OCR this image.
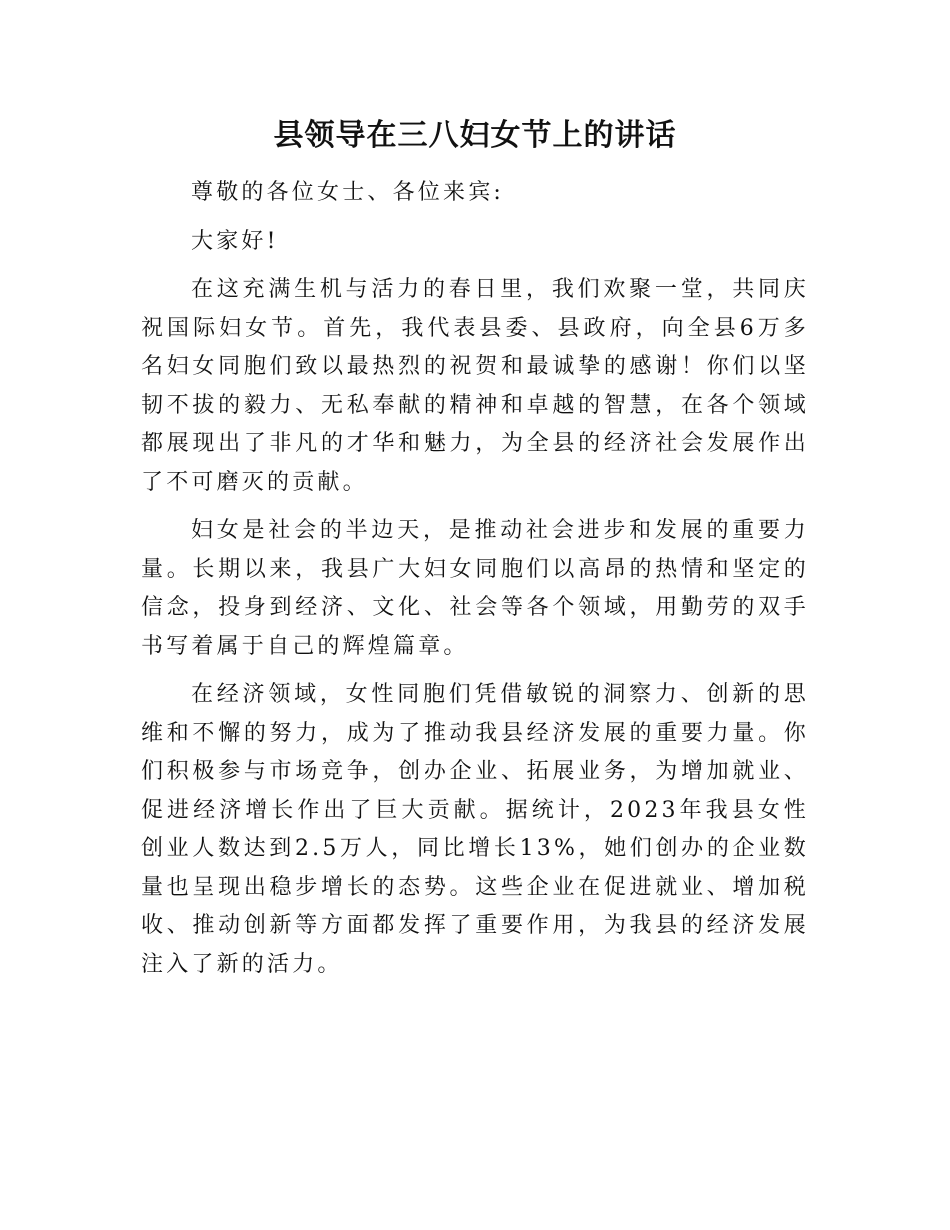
县领导在三八妇女节上的讲话

尊敬的各位女士、各位来宾:

大家好!

在这充满生机与活力的春日里，我们欢聚一堂，共同庆祝国际妇女节。首先，我代表县委、县政府，向全县6万多名妇女同胞们致以最热烈的祝贺和最诚挚的感谢！你们以坚韧不拔的毅力、无私奉献的精神和卓越的智慧，在各个领域都展现出了非凡的才华和魅力，为全县的经济社会发展作出了不可磨灭的贡献。

妇女是社会的半边天，是推动社会进步和发展的重要力量。长期以来，我县广大妇女同胞们以高昂的热情和坚定的信念，投身到经济、文化、社会等各个领域，用勤劳的双手书写着属于自己的辉煌篇章。

在经济领域，女性同胞们凭借敏锐的洞察力、创新的思维和不懈的努力，成为了推动我县经济发展的重要力量。你们积极参与市场竞争，创办企业、拓展业务，为增加就业、促进经济增长作出了巨大贡献。据统计，2023年我县女性创业人数达到2.5万人，同比增长13%，她们创办的企业数量也呈现出稳步增长的态势。这些企业在促进就业、增加税收、推动创新等方面都发挥了重要作用，为我县的经济发展注入了新的活力。
